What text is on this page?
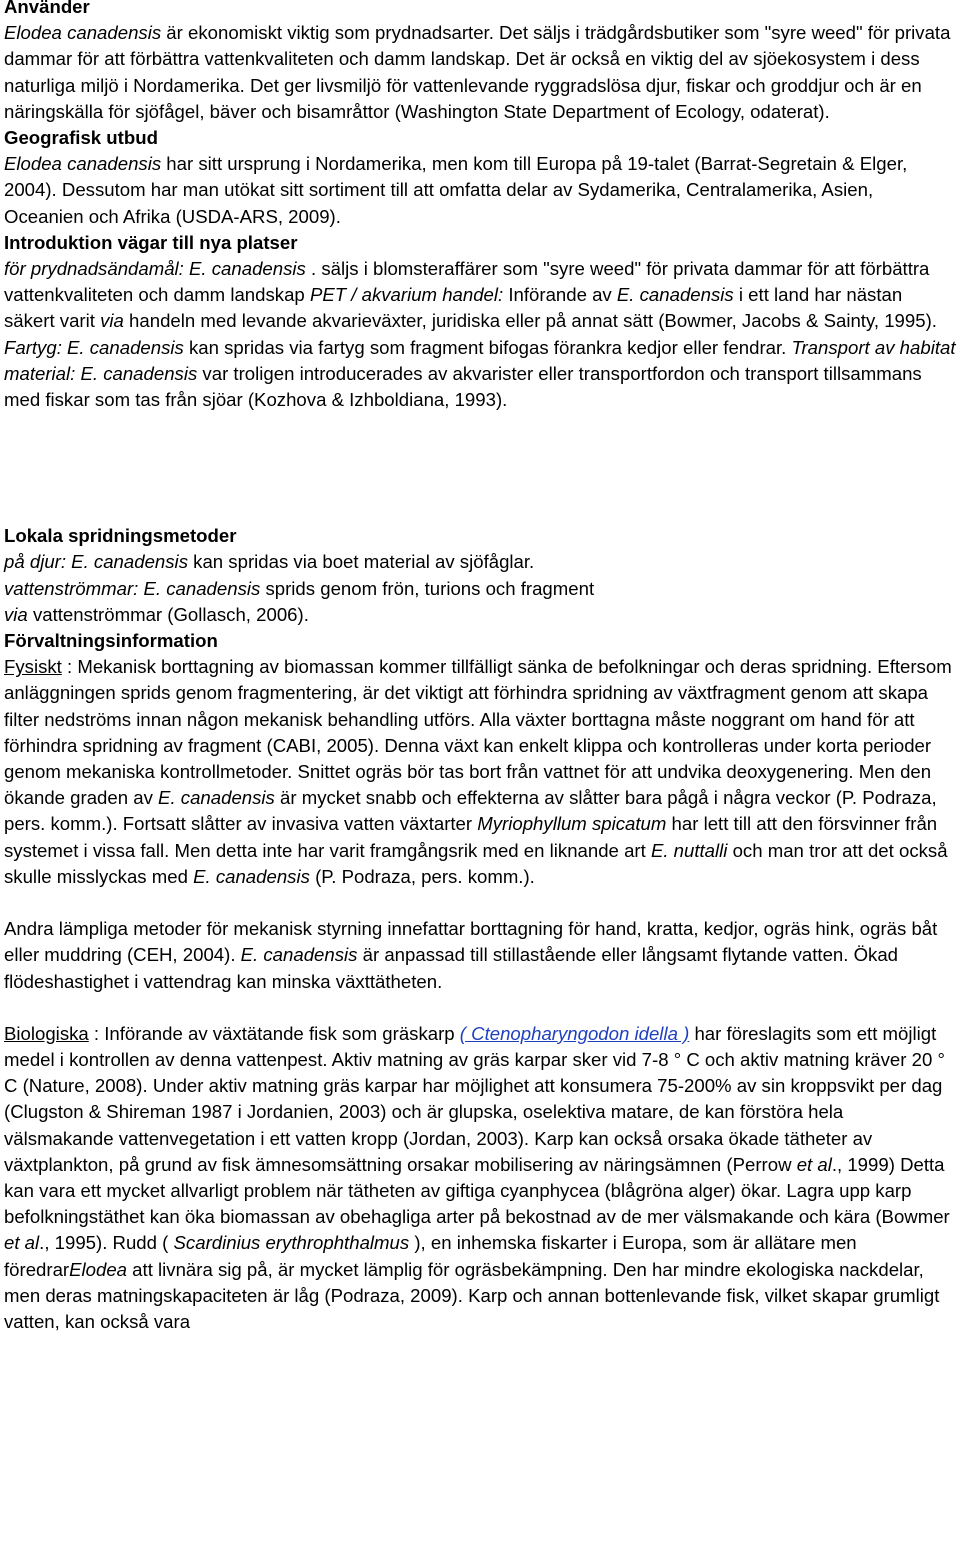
Använder
Elodea canadensis är ekonomiskt viktig som prydnadsarter. Det säljs i trädgårdsbutiker som "syre weed" för privata dammar för att förbättra vattenkvaliteten och damm landskap. Det är också en viktig del av sjöekosystem i dess naturliga miljö i Nordamerika. Det ger livsmiljö för vattenlevande ryggradslösa djur, fiskar och groddjur och är en näringskälla för sjöfågel, bäver och bisamråttor (Washington State Department of Ecology, odaterat).
Geografisk utbud
Elodea canadensis har sitt ursprung i Nordamerika, men kom till Europa på 19-talet (Barrat-Segretain & Elger, 2004). Dessutom har man utökat sitt sortiment till att omfatta delar av Sydamerika, Centralamerika, Asien, Oceanien och Afrika (USDA-ARS, 2009).
Introduktion vägar till nya platser
för prydnadsändamål: E. canadensis . säljs i blomsteraffärer som "syre weed" för privata dammar för att förbättra vattenkvaliteten och damm landskap PET / akvarium handel: Införande av E. canadensis i ett land har nästan säkert varit via handeln med levande akvarieväxter, juridiska eller på annat sätt (Bowmer, Jacobs & Sainty, 1995). Fartyg: E. canadensis kan spridas via fartyg som fragment bifogas förankra kedjor eller fendrar. Transport av habitat material: E. canadensis var troligen introducerades av akvarister eller transportfordon och transport tillsammans med fiskar som tas från sjöar (Kozhova & Izhboldiana, 1993).
Lokala spridningsmetoder
på djur: E. canadensis kan spridas via boet material av sjöfåglar. vattenströmmar: E. canadensis sprids genom frön, turions och fragment via vattenströmmar (Gollasch, 2006).
Förvaltningsinformation
Fysiskt : Mekanisk borttagning av biomassan kommer tillfälligt sänka de befolkningar och deras spridning. Eftersom anläggningen sprids genom fragmentering, är det viktigt att förhindra spridning av växtfragment genom att skapa filter nedströms innan någon mekanisk behandling utförs. Alla växter borttagna måste noggrant om hand för att förhindra spridning av fragment (CABI, 2005). Denna växt kan enkelt klippa och kontrolleras under korta perioder genom mekaniska kontrollmetoder. Snittet ogräs bör tas bort från vattnet för att undvika deoxygenering. Men den ökande graden av E. canadensis är mycket snabb och effekterna av slåtter bara pågå i några veckor (P. Podraza, pers. komm.). Fortsatt slåtter av invasiva vatten växtarter Myriophyllum spicatum har lett till att den försvinner från systemet i vissa fall. Men detta inte har varit framgångsrik med en liknande art E. nuttalli och man tror att det också skulle misslyckas med E. canadensis (P. Podraza, pers. komm.).
Andra lämpliga metoder för mekanisk styrning innefattar borttagning för hand, kratta, kedjor, ogräs hink, ogräs båt eller muddring (CEH, 2004). E. canadensis är anpassad till stillastående eller långsamt flytande vatten. Ökad flödeshastighet i vattendrag kan minska växttätheten.
Biologiska : Införande av växtätande fisk som gräskarp ( Ctenopharyngodon idella ) har föreslagits som ett möjligt medel i kontrollen av denna vattenpest. Aktiv matning av gräs karpar sker vid 7-8 ° C och aktiv matning kräver 20 ° C (Nature, 2008). Under aktiv matning gräs karpar har möjlighet att konsumera 75-200% av sin kroppsvikt per dag (Clugston & Shireman 1987 i Jordanien, 2003) och är glupska, oselektiva matare, de kan förstöra hela välsmakande vattenvegetation i ett vatten kropp (Jordan, 2003). Karp kan också orsaka ökade tätheter av växtplankton, på grund av fisk ämnesomsättning orsakar mobilisering av näringsämnen (Perrow et al., 1999) Detta kan vara ett mycket allvarligt problem när tätheten av giftiga cyanphycea (blågröna alger) ökar. Lagra upp karp befolkningstäthet kan öka biomassan av obehagliga arter på bekostnad av de mer välsmakande och kära (Bowmer et al., 1995). Rudd ( Scardinius erythrophthalmus ), en inhemska fiskarter i Europa, som är allätare men föredrarElodea att livnära sig på, är mycket lämplig för ogräsbekämpning. Den har mindre ekologiska nackdelar, men deras matningskapaciteten är låg (Podraza, 2009). Karp och annan bottenlevande fisk, vilket skapar grumligt vatten, kan också vara
